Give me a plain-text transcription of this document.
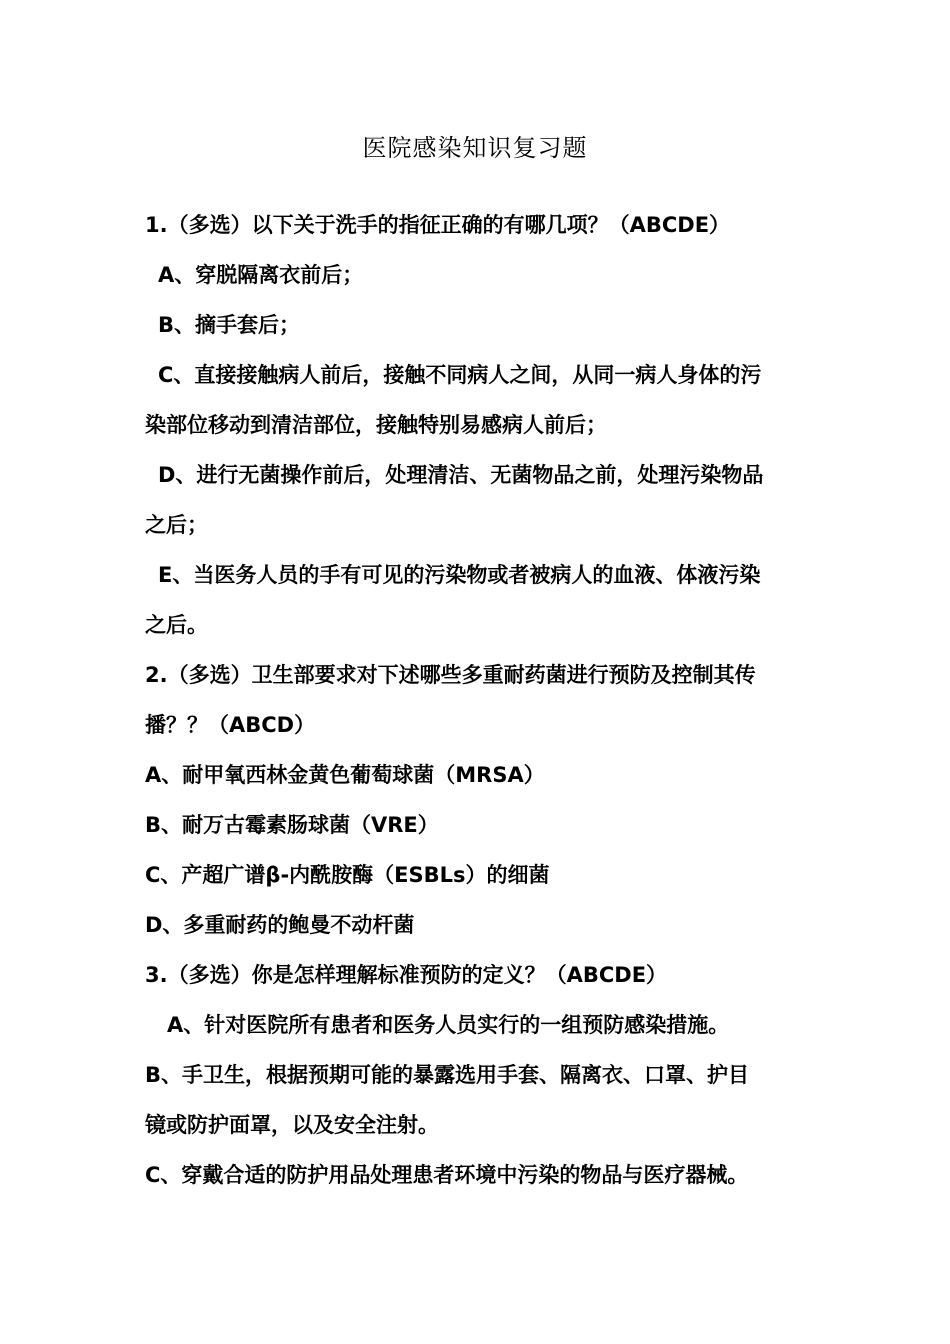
医院感染知识复习题
1.（多选）以下关于洗手的指征正确的有哪几项？（ABCDE）
A、穿脱隔离衣前后；
B、摘手套后；
C、直接接触病人前后，接触不同病人之间，从同一病人身体的污
染部位移动到清洁部位，接触特别易感病人前后；
D、进行无菌操作前后，处理清洁、无菌物品之前，处理污染物品
之后；
E、当医务人员的手有可见的污染物或者被病人的血液、体液污染
之后。
2.（多选）卫生部要求对下述哪些多重耐药菌进行预防及控制其传
播？？（ABCD）
A、耐甲氧西林金黄色葡萄球菌（MRSA）
B、耐万古霉素肠球菌（VRE）
C、产超广谱β-内酰胺酶（ESBLs）的细菌
D、多重耐药的鲍曼不动杆菌
3.（多选）你是怎样理解标准预防的定义？（ABCDE）
A、针对医院所有患者和医务人员实行的一组预防感染措施。
B、手卫生，根据预期可能的暴露选用手套、隔离衣、口罩、护目
镜或防护面罩，以及安全注射。
C、穿戴合适的防护用品处理患者环境中污染的物品与医疗器械。
